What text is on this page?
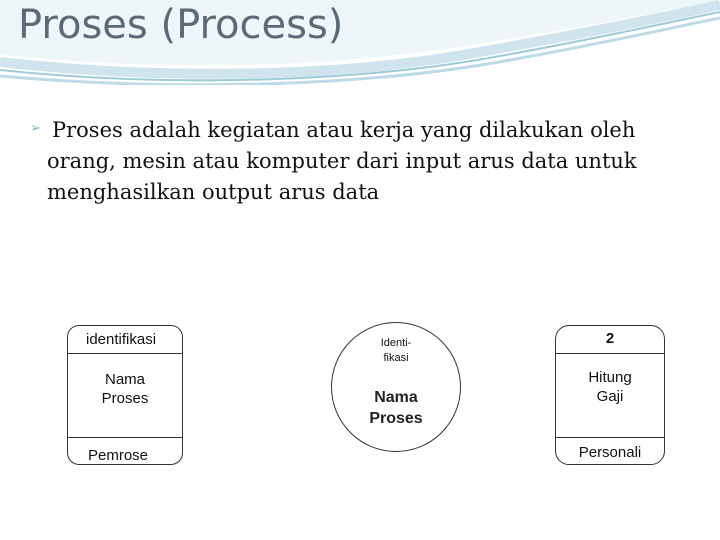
Proses (Process)
➢ Proses adalah kegiatan atau kerja yang dilakukan oleh
orang, mesin atau komputer dari input arus data untuk
menghasilkan output arus data
Gane & Sarson	Yourdon	Contoh
identifikasi
Nama
Proses
Pemrose
–
ATAU
Identi-
fikasi
Nama
Proses
2
Hitung
Gaji
Personali
